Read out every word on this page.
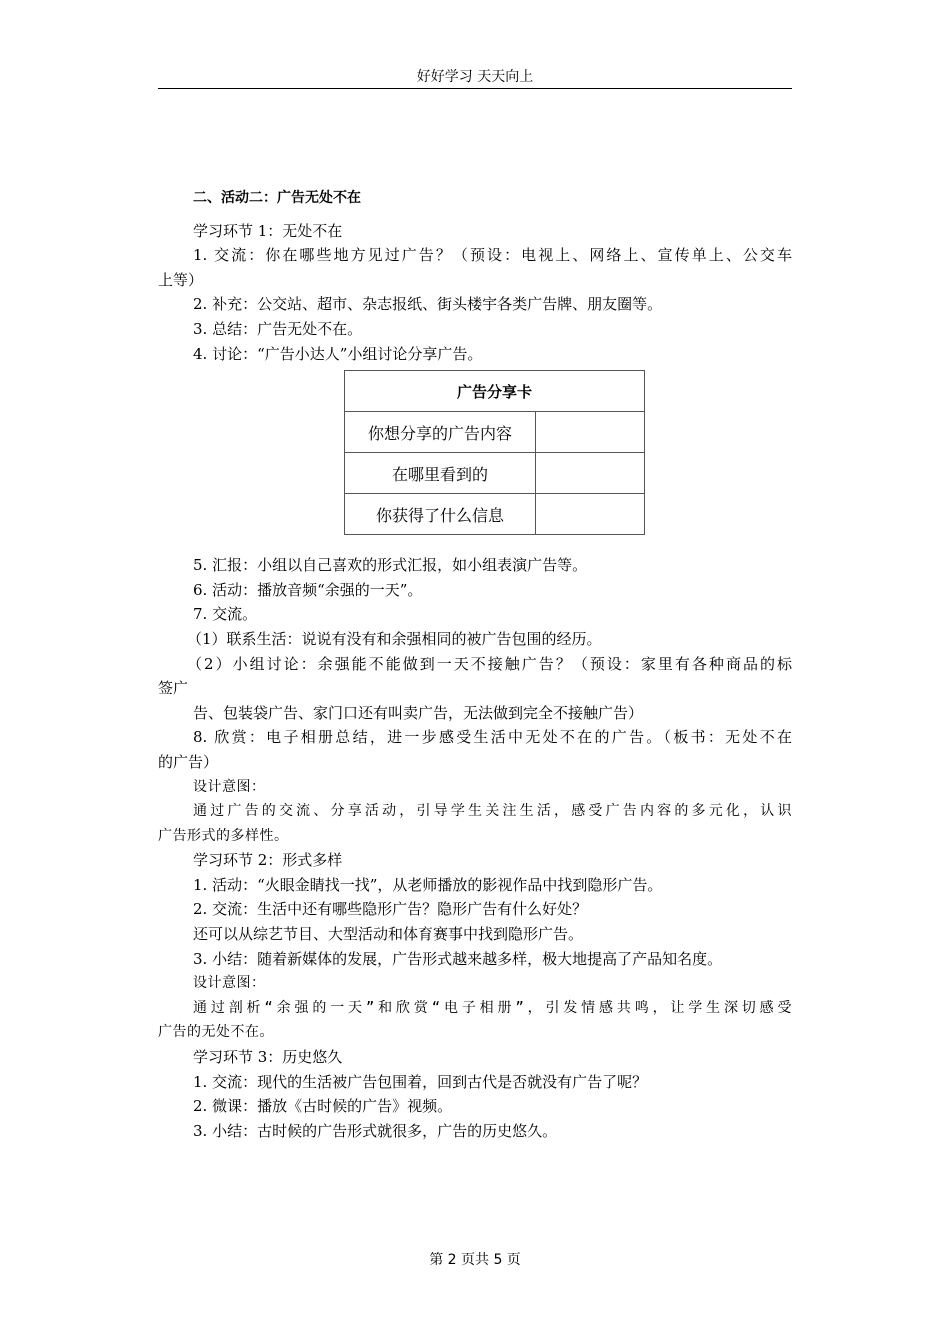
好好学习 天天向上
二、活动二：广告无处不在
学习环节 1：无处不在
1. 交流：你在哪些地方见过广告？（预设：电视上、网络上、宣传单上、公交车
上等）
2. 补充：公交站、超市、杂志报纸、街头楼宇各类广告牌、朋友圈等。
3. 总结：广告无处不在。
4. 讨论：“广告小达人”小组讨论分享广告。
广告分享卡	
你想分享的广告内容	
在哪里看到的	
你获得了什么信息	
5. 汇报：小组以自己喜欢的形式汇报，如小组表演广告等。
6. 活动：播放音频“余强的一天”。
7. 交流。
（1）联系生活：说说有没有和余强相同的被广告包围的经历。
（2）小组讨论：余强能不能做到一天不接触广告？（预设：家里有各种商品的标
签广
告、包装袋广告、家门口还有叫卖广告，无法做到完全不接触广告）
8. 欣赏：电子相册总结，进一步感受生活中无处不在的广告。（板书：无处不在
的广告）
设计意图：
通过广告的交流、分享活动，引导学生关注生活，感受广告内容的多元化，认识
广告形式的多样性。
学习环节 2：形式多样
1. 活动：“火眼金睛找一找”，从老师播放的影视作品中找到隐形广告。
2. 交流：生活中还有哪些隐形广告？隐形广告有什么好处？
还可以从综艺节目、大型活动和体育赛事中找到隐形广告。
3. 小结：随着新媒体的发展，广告形式越来越多样，极大地提高了产品知名度。
设计意图：
通过剖析“余强的一天”和欣赏“电子相册”，引发情感共鸣，让学生深切感受
广告的无处不在。
学习环节 3：历史悠久
1. 交流：现代的生活被广告包围着，回到古代是否就没有广告了呢？
2. 微课：播放《古时候的广告》视频。
3. 小结：古时候的广告形式就很多，广告的历史悠久。
第 2 页共 5 页
